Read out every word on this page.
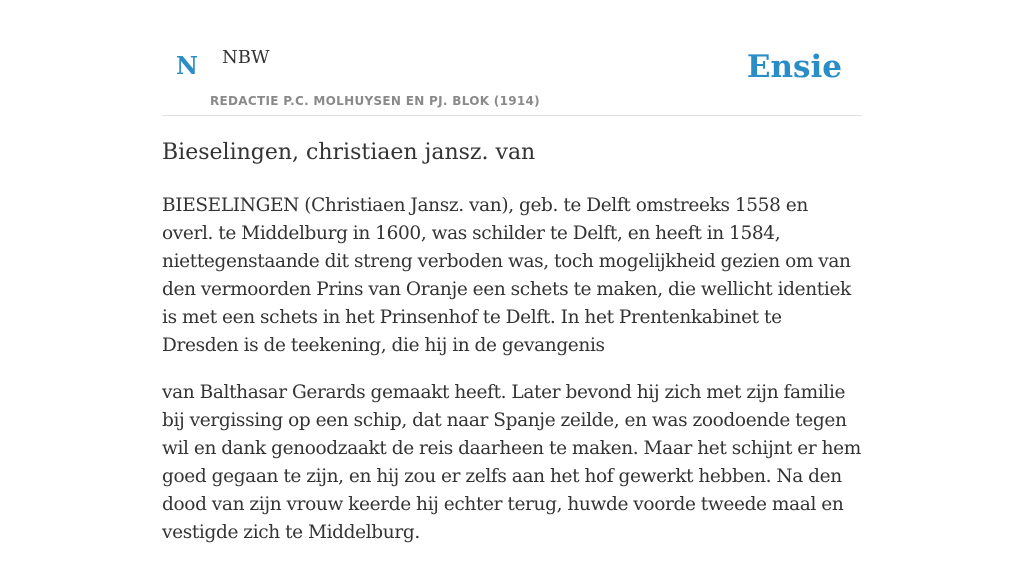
N NBW
REDACTIE P.C. MOLHUYSEN EN PJ. BLOK (1914)
Ensie
Bieselingen, christiaen jansz. van

BIESELINGEN (Christiaen Jansz. van), geb. te Delft omstreeks 1558 en overl. te Middelburg in 1600, was schilder te Delft, en heeft in 1584, niettegenstaande dit streng verboden was, toch mogelijkheid gezien om van den vermoorden Prins van Oranje een schets te maken, die wellicht identiek is met een schets in het Prinsenhof te Delft. In het Prentenkabinet te Dresden is de teekening, die hij in de gevangenis

van Balthasar Gerards gemaakt heeft. Later bevond hij zich met zijn familie bij vergissing op een schip, dat naar Spanje zeilde, en was zoodoende tegen wil en dank genoodzaakt de reis daarheen te maken. Maar het schijnt er hem goed gegaan te zijn, en hij zou er zelfs aan het hof gewerkt hebben. Na den dood van zijn vrouw keerde hij echter terug, huwde voorde tweede maal en vestigde zich te Middelburg.
